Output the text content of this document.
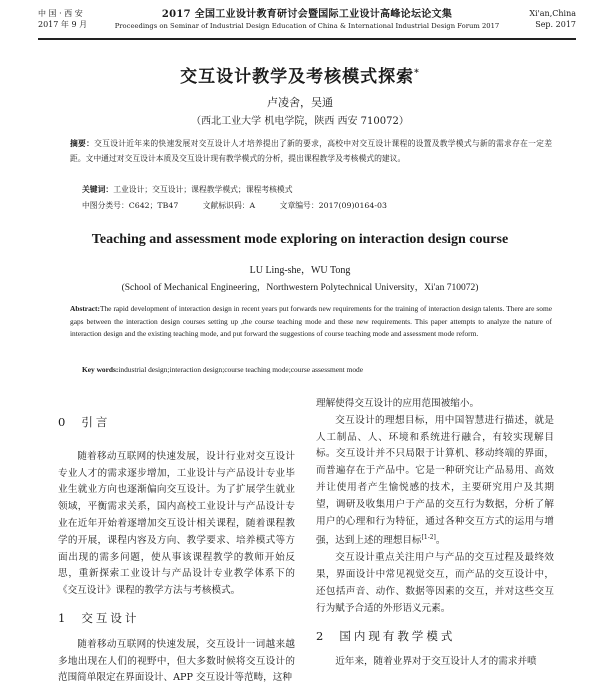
中 国 · 西 安
2017 年 9 月
2017 全国工业设计教育研讨会暨国际工业设计高峰论坛论文集
Proceedings on Seminar of Industrial Design Education of China & International Industrial Design Forum 2017
Xi'an,China
Sep. 2017
交互设计教学及考核模式探索*
卢凌舍，吴通
（西北工业大学 机电学院，陕西 西安 710072）
摘要：交互设计近年来的快速发展对交互设计人才培养提出了新的要求，高校中对交互设计课程的设置及教学模式与新的需求存在一定差距。文中通过对交互设计本质及交互设计现有教学模式的分析，提出课程教学及考核模式的建议。
关键词：工业设计；交互设计；课程教学模式；课程考核模式
中图分类号：C642；TB47	文献标识码：A	文章编号：2017(09)0164-03
Teaching and assessment mode exploring on interaction design course
LU Ling-she，WU Tong
(School of Mechanical Engineering，Northwestern Polytechnical University，Xi'an 710072)
Abstract:The rapid development of interaction design in recent years put forwards new requirements for the training of interaction design talents. There are some gaps between the interaction design courses setting up ,the course teaching mode and these new requirements. This paper attempts to analyze the nature of interaction design and the existing teaching mode, and put forward the suggestions of course teaching mode and assessment mode reform.
Key words:industrial design;interaction design;course teaching mode;course assessment mode
0 引言

随着移动互联网的快速发展，设计行业对交互设计专业人才的需求逐步增加，工业设计与产品设计专业毕业生就业方向也逐渐偏向交互设计。为了扩展学生就业领域，平衡需求关系，国内高校工业设计与产品设计专业在近年开始着逐增加交互设计相关课程，随着课程教学的开展，课程内容及方向、教学要求、培养模式等方面出现的需多问题，使从事该课程教学的教师开始反思，重新探索工业设计与产品设计专业教学体系下的《交互设计》课程的教学方法与考核模式。

1 交互设计

随着移动互联网的快速发展，交互设计一词越来越多地出现在人们的视野中，但大多数时候将交互设计的范围简单限定在界面设计、APP 交互设计等范畴，这种

理解使得交互设计的应用范围被缩小。

交互设计的理想目标，用中国智慧进行描述，就是人工制品、人、环境和系统进行融合，有较实现解目标。交互设计并不只局限于计算机、移动终端的界面，而普遍存在于产品中。它是一种研究让产品易用、高效并让使用者产生愉悦感的技术，主要研究用户及其期望，调研及收集用户于产品的交互行为数据，分析了解用户的心理和行为特征，通过各种交互方式的运用与增强，达到上述的理想目标[1-2]。

交互设计重点关注用户与产品的交互过程及最终效果，界面设计中常见视觉交互，而产品的交互设计中，还包括声音、动作、数据等因素的交互，并对这些交互行为赋予合适的外形语义元素。

2 国内现有教学模式

近年来，随着业界对于交互设计人才的需求并喷
